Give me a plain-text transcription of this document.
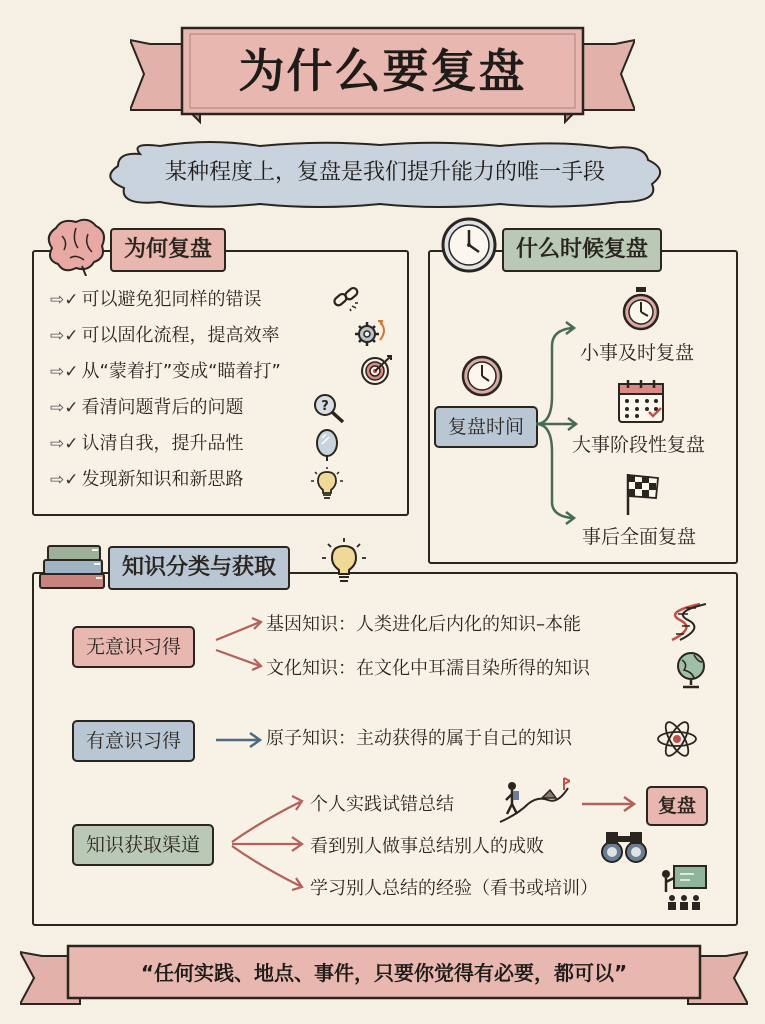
为什么要复盘
某种程度上，复盘是我们提升能力的唯一手段
为何复盘
⇨✓ 可以避免犯同样的错误
⇨✓ 可以固化流程，提高效率
⇨✓ 从“蒙着打”变成“瞄着打”
⇨✓ 看清问题背后的问题
⇨✓ 认清自我，提升品性
⇨✓ 发现新知识和新思路
?
什么时候复盘
复盘时间
小事及时复盘
大事阶段性复盘
事后全面复盘
知识分类与获取
无意识习得
基因知识：人类进化后内化的知识–本能
文化知识：在文化中耳濡目染所得的知识
有意识习得	原子知识：主动获得的属于自己的知识
知识获取渠道
个人实践试错总结	复盘
看到别人做事总结别人的成败
学习别人总结的经验（看书或培训）
“任何实践、地点、事件，只要你觉得有必要，都可以”
